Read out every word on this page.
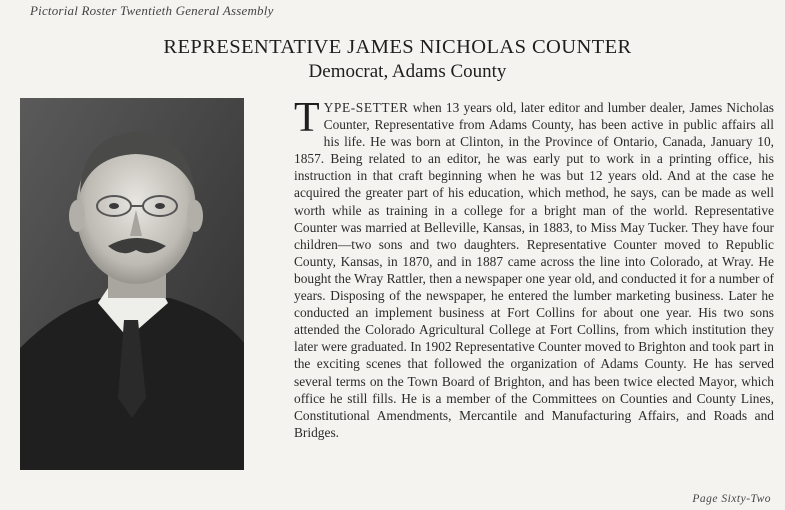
Pictorial Roster Twentieth General Assembly
REPRESENTATIVE JAMES NICHOLAS COUNTER
Democrat, Adams County
TYPE-SETTER when 13 years old, later editor and lumber dealer, James Nicholas Counter, Representative from Adams County, has been active in public affairs all his life. He was born at Clinton, in the Province of Ontario, Canada, January 10, 1857. Being related to an editor, he was early put to work in a printing office, his instruction in that craft beginning when he was but 12 years old. And at the case he acquired the greater part of his education, which method, he says, can be made as well worth while as training in a college for a bright man of the world. Representative Counter was married at Belleville, Kansas, in 1883, to Miss May Tucker. They have four children—two sons and two daughters. Representative Counter moved to Republic County, Kansas, in 1870, and in 1887 came across the line into Colorado, at Wray. He bought the Wray Rattler, then a newspaper one year old, and conducted it for a number of years. Disposing of the newspaper, he entered the lumber marketing business. Later he conducted an implement business at Fort Collins for about one year. His two sons attended the Colorado Agricultural College at Fort Collins, from which institution they later were graduated. In 1902 Representative Counter moved to Brighton and took part in the exciting scenes that followed the organization of Adams County. He has served several terms on the Town Board of Brighton, and has been twice elected Mayor, which office he still fills. He is a member of the Committees on Counties and County Lines, Constitutional Amendments, Mercantile and Manufacturing Affairs, and Roads and Bridges.
Page Sixty-Two
